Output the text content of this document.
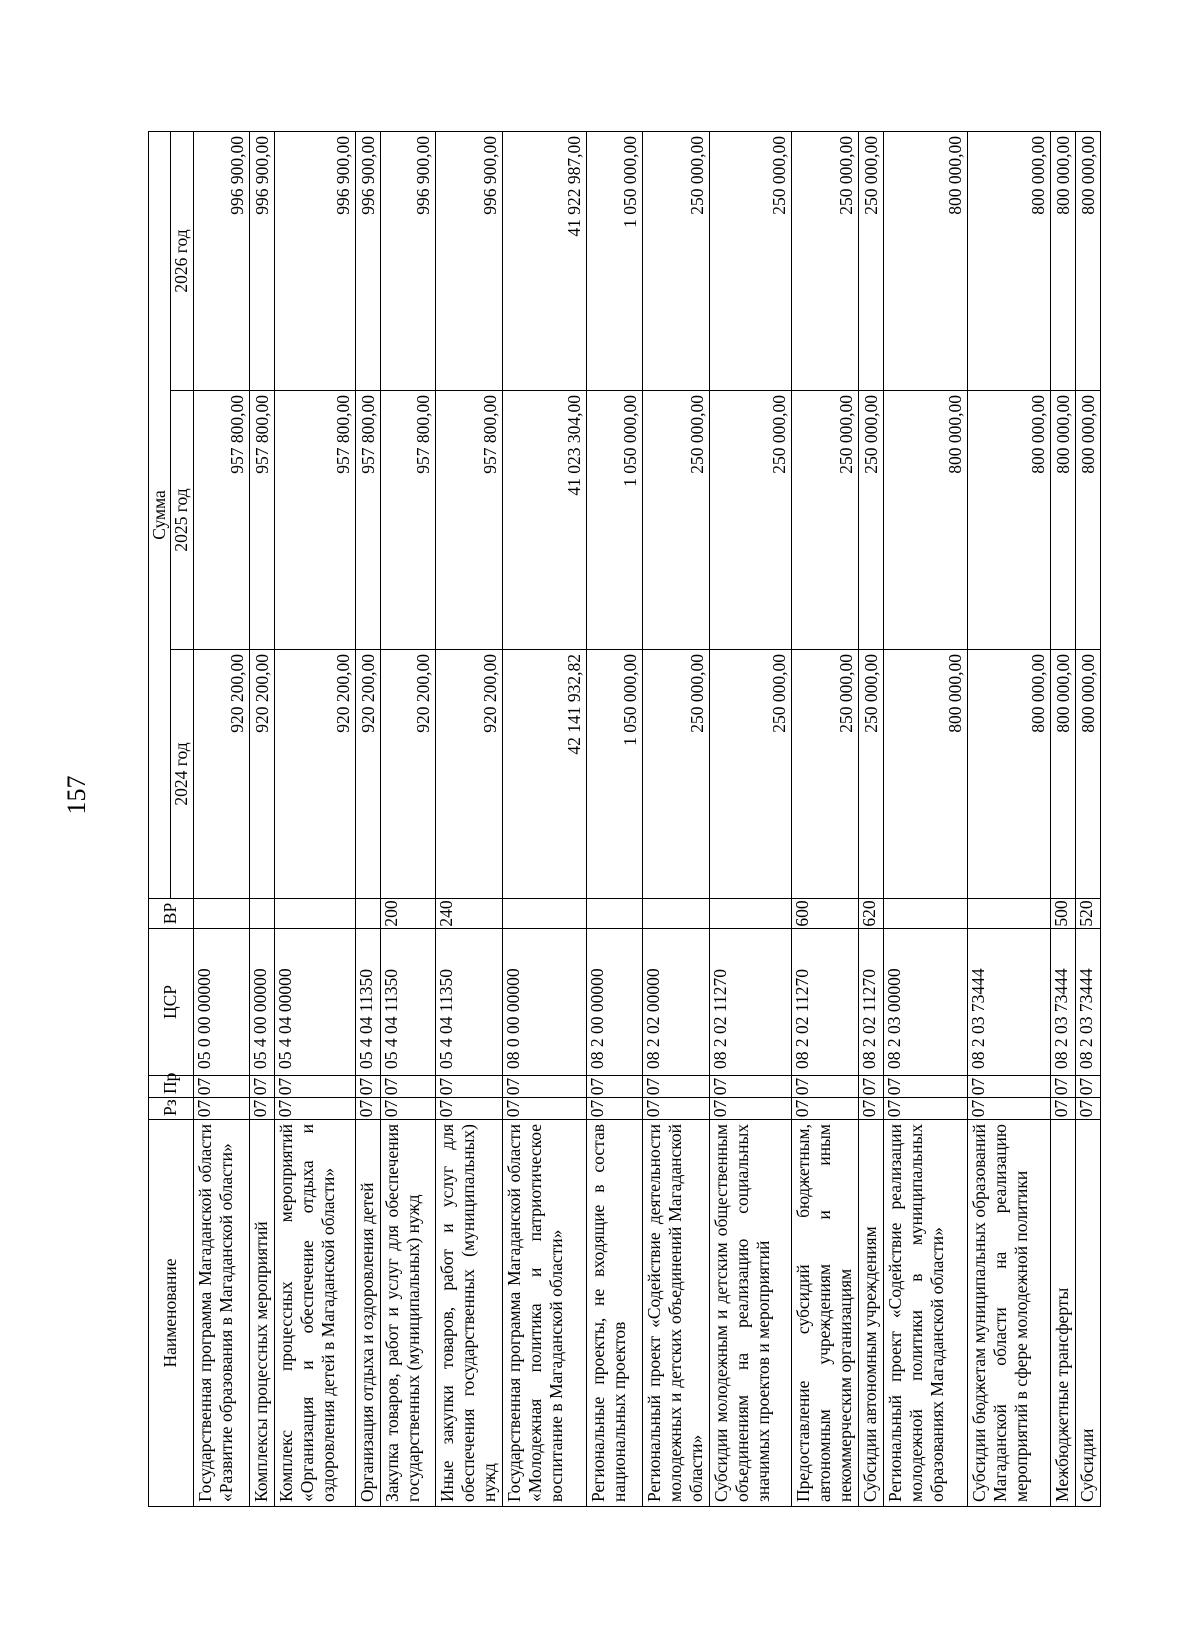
157
Наименование	Рз	Пр	ЦСР	ВР	Сумма		
					2024 год	2025 год	2026 год
Государственная программа Магаданской области «Развитие образования в Магаданской области»	07	07	05 0 00 00000		920 200,00	957 800,00	996 900,00
Комплексы процессных мероприятий	07	07	05 4 00 00000		920 200,00	957 800,00	996 900,00
Комплекс процессных мероприятий «Организация и обеспечение отдыха и оздоровления детей в Магаданской области»	07	07	05 4 04 00000		920 200,00	957 800,00	996 900,00
Организация отдыха и оздоровления детей	07	07	05 4 04 11350		920 200,00	957 800,00	996 900,00
Закупка товаров, работ и услуг для обеспечения государственных (муниципальных) нужд	07	07	05 4 04 11350	200	920 200,00	957 800,00	996 900,00
Иные закупки товаров, работ и услуг для обеспечения государственных (муниципальных) нужд	07	07	05 4 04 11350	240	920 200,00	957 800,00	996 900,00
Государственная программа Магаданской области «Молодежная политика и патриотическое воспитание в Магаданской области»	07	07	08 0 00 00000		42 141 932,82	41 023 304,00	41 922 987,00
Региональные проекты, не входящие в состав национальных проектов	07	07	08 2 00 00000		1 050 000,00	1 050 000,00	1 050 000,00
Региональный проект «Содействие деятельности молодежных и детских объединений Магаданской области»	07	07	08 2 02 00000		250 000,00	250 000,00	250 000,00
Субсидии молодежным и детским общественным объединениям на реализацию социальных значимых проектов и мероприятий	07	07	08 2 02 11270		250 000,00	250 000,00	250 000,00
Предоставление субсидий бюджетным, автономным учреждениям и иным некоммерческим организациям	07	07	08 2 02 11270	600	250 000,00	250 000,00	250 000,00
Субсидии автономным учреждениям	07	07	08 2 02 11270	620	250 000,00	250 000,00	250 000,00
Региональный проект «Содействие реализации молодежной политики в муниципальных образованиях Магаданской области»	07	07	08 2 03 00000		800 000,00	800 000,00	800 000,00
Субсидии бюджетам муниципальных образований Магаданской области на реализацию мероприятий в сфере молодежной политики	07	07	08 2 03 73444		800 000,00	800 000,00	800 000,00
Межбюджетные трансферты	07	07	08 2 03 73444	500	800 000,00	800 000,00	800 000,00
Субсидии	07	07	08 2 03 73444	520	800 000,00	800 000,00	800 000,00
